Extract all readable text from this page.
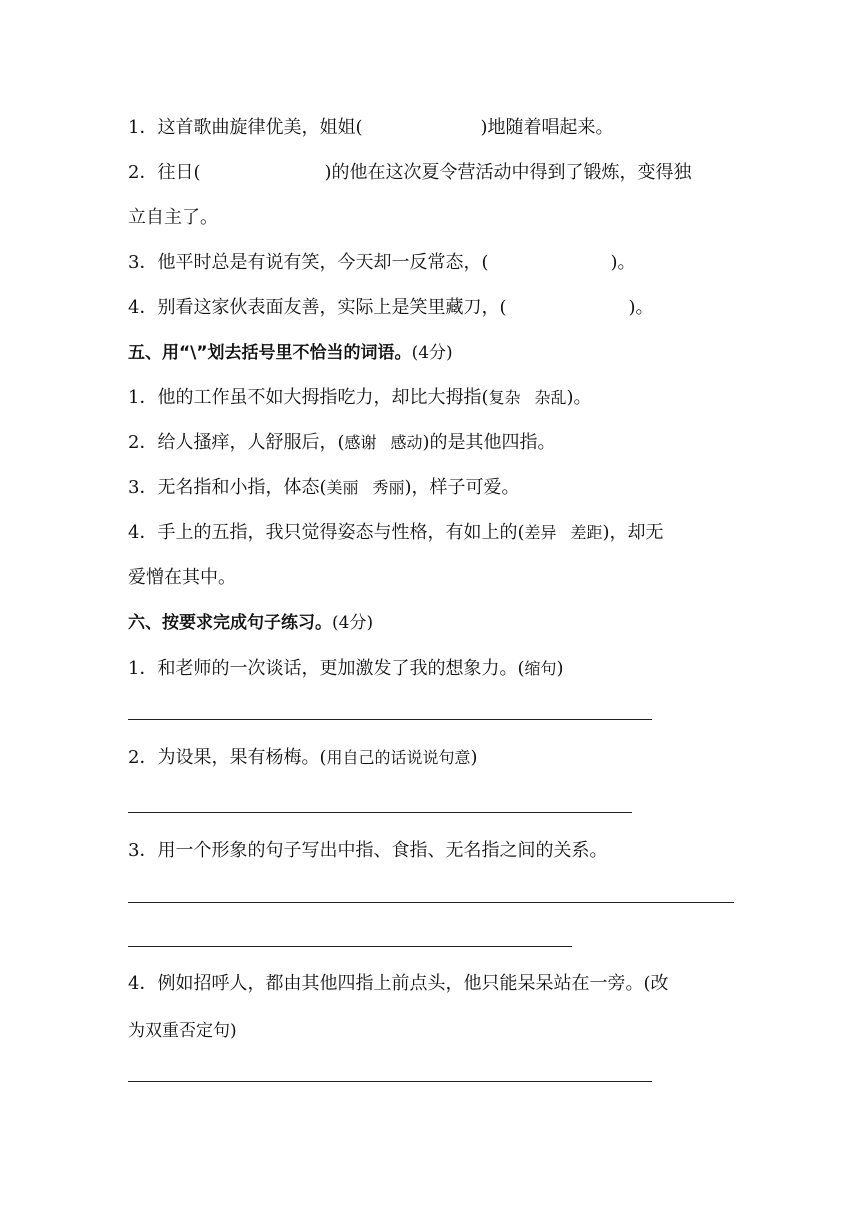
1．这首歌曲旋律优美，姐姐(	)地随着唱起来。
2．往日(	)的他在这次夏令营活动中得到了锻炼，变得独
立自主了。
3．他平时总是有说有笑，今天却一反常态，(	)。
4．别看这家伙表面友善，实际上是笑里藏刀，(	)。
五、用“\”划去括号里不恰当的词语。(4分)
1．他的工作虽不如大拇指吃力，却比大拇指(复杂 杂乱)。
2．给人搔痒，人舒服后，(感谢 感动)的是其他四指。
3．无名指和小指，体态(美丽 秀丽)，样子可爱。
4．手上的五指，我只觉得姿态与性格，有如上的(差异 差距)，却无
爱憎在其中。
六、按要求完成句子练习。(4分)
1．和老师的一次谈话，更加激发了我的想象力。(缩句)
2．为设果，果有杨梅。(用自己的话说说句意)
3．用一个形象的句子写出中指、食指、无名指之间的关系。
4．例如招呼人，都由其他四指上前点头，他只能呆呆站在一旁。(改
为双重否定句)
